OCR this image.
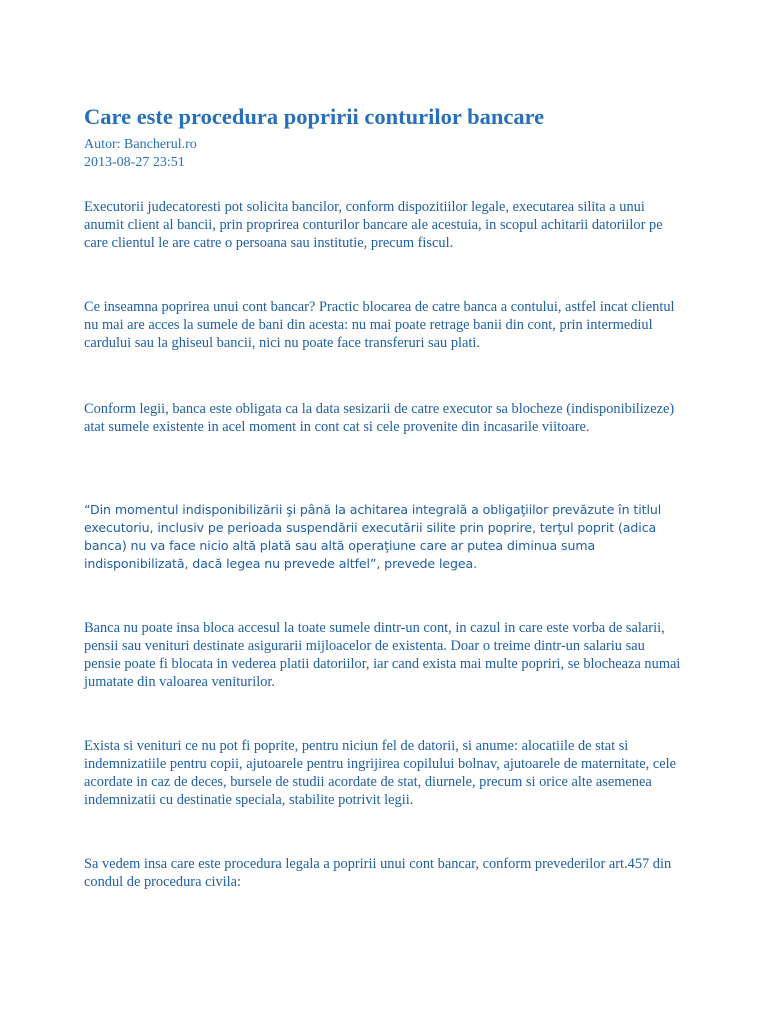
Care este procedura popririi conturilor bancare
Autor: Bancherul.ro
2013-08-27 23:51

Executorii judecatoresti pot solicita bancilor, conform dispozitiilor legale, executarea silita a unui anumit client al bancii, prin proprirea conturilor bancare ale acestuia, in scopul achitarii datoriilor pe care clientul le are catre o persoana sau institutie, precum fiscul.

Ce inseamna poprirea unui cont bancar? Practic blocarea de catre banca a contului, astfel incat clientul nu mai are acces la sumele de bani din acesta: nu mai poate retrage banii din cont, prin intermediul cardului sau la ghiseul bancii, nici nu poate face transferuri sau plati.

Conform legii, banca este obligata ca la data sesizarii de catre executor sa blocheze (indisponibilizeze) atat sumele existente in acel moment in cont cat si cele provenite din incasarile viitoare.

“Din momentul indisponibilizării şi până la achitarea integrală a obligaţiilor prevăzute în titlul executoriu, inclusiv pe perioada suspendării executării silite prin poprire, terţul poprit (adica banca) nu va face nicio altă plată sau altă operaţiune care ar putea diminua suma indisponibilizată, dacă legea nu prevede altfel”, prevede legea.

Banca nu poate insa bloca accesul la toate sumele dintr-un cont, in cazul in care este vorba de salarii, pensii sau venituri destinate asigurarii mijloacelor de existenta. Doar o treime dintr-un salariu sau pensie poate fi blocata in vederea platii datoriilor, iar cand exista mai multe popriri, se blocheaza numai jumatate din valoarea veniturilor.

Exista si venituri ce nu pot fi poprite, pentru niciun fel de datorii, si anume: alocatiile de stat si indemnizatiile pentru copii, ajutoarele pentru ingrijirea copilului bolnav, ajutoarele de maternitate, cele acordate in caz de deces, bursele de studii acordate de stat, diurnele, precum si orice alte asemenea indemnizatii cu destinatie speciala, stabilite potrivit legii.

Sa vedem insa care este procedura legala a popririi unui cont bancar, conform prevederilor art.457 din condul de procedura civila:
